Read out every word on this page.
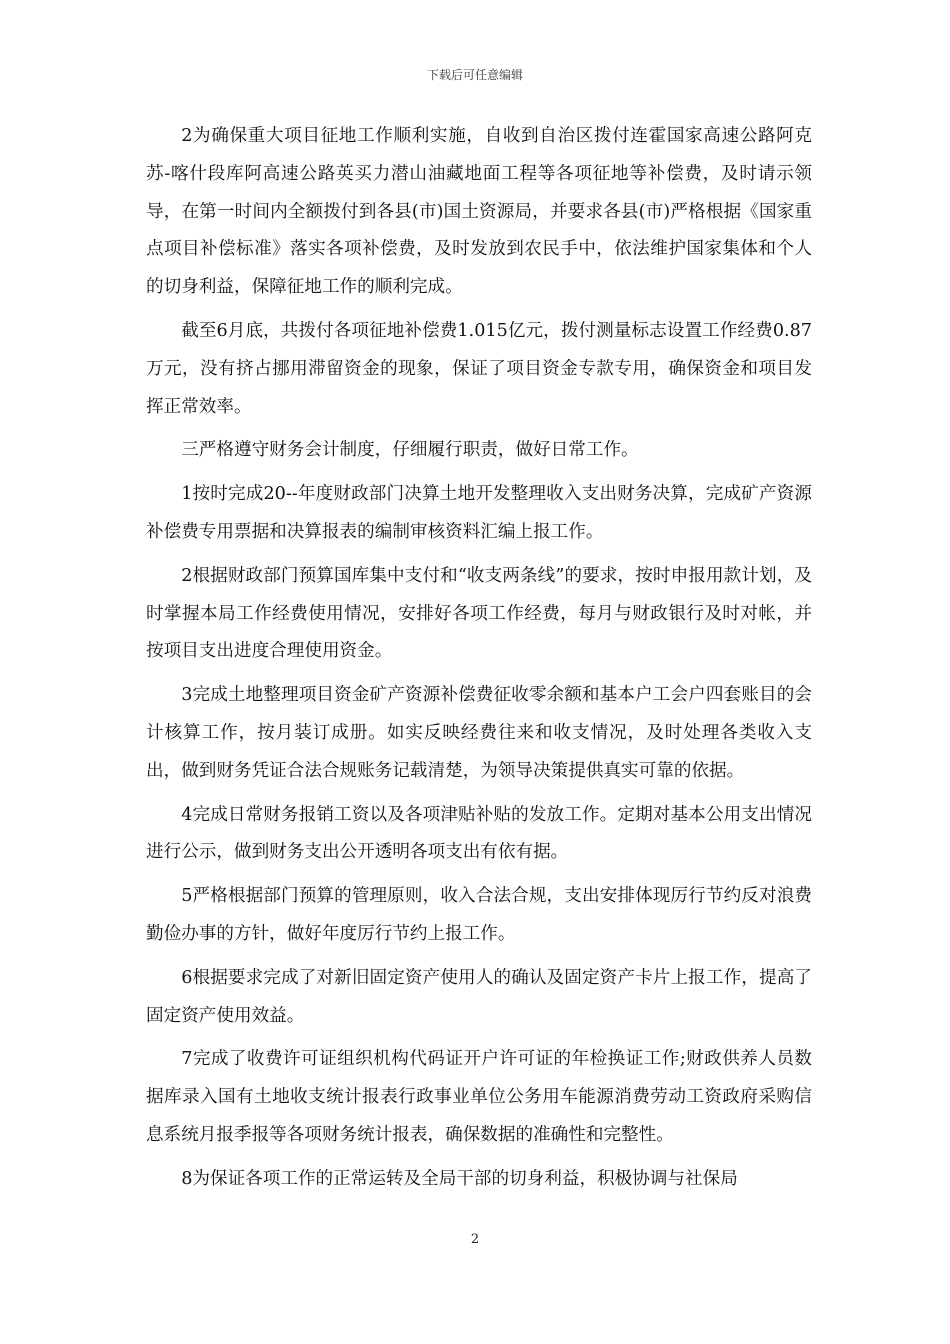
下载后可任意编辑

2为确保重大项目征地工作顺利实施，自收到自治区拨付连霍国家高速公路阿克苏-喀什段库阿高速公路英买力潜山油藏地面工程等各项征地等补偿费，及时请示领导，在第一时间内全额拨付到各县(市)国土资源局，并要求各县(市)严格根据《国家重点项目补偿标准》落实各项补偿费，及时发放到农民手中，依法维护国家集体和个人的切身利益，保障征地工作的顺利完成。

截至6月底，共拨付各项征地补偿费1.015亿元，拨付测量标志设置工作经费0.87万元，没有挤占挪用滞留资金的现象，保证了项目资金专款专用，确保资金和项目发挥正常效率。

三严格遵守财务会计制度，仔细履行职责，做好日常工作。

1按时完成20--年度财政部门决算土地开发整理收入支出财务决算，完成矿产资源补偿费专用票据和决算报表的编制审核资料汇编上报工作。

2根据财政部门预算国库集中支付和“收支两条线”的要求，按时申报用款计划，及时掌握本局工作经费使用情况，安排好各项工作经费，每月与财政银行及时对帐，并按项目支出进度合理使用资金。

3完成土地整理项目资金矿产资源补偿费征收零余额和基本户工会户四套账目的会计核算工作，按月装订成册。如实反映经费往来和收支情况，及时处理各类收入支出，做到财务凭证合法合规账务记载清楚，为领导决策提供真实可靠的依据。

4完成日常财务报销工资以及各项津贴补贴的发放工作。定期对基本公用支出情况进行公示，做到财务支出公开透明各项支出有依有据。

5严格根据部门预算的管理原则，收入合法合规，支出安排体现厉行节约反对浪费勤俭办事的方针，做好年度厉行节约上报工作。

6根据要求完成了对新旧固定资产使用人的确认及固定资产卡片上报工作，提高了固定资产使用效益。

7完成了收费许可证组织机构代码证开户许可证的年检换证工作;财政供养人员数据库录入国有土地收支统计报表行政事业单位公务用车能源消费劳动工资政府采购信息系统月报季报等各项财务统计报表，确保数据的准确性和完整性。

8为保证各项工作的正常运转及全局干部的切身利益，积极协调与社保局

2
